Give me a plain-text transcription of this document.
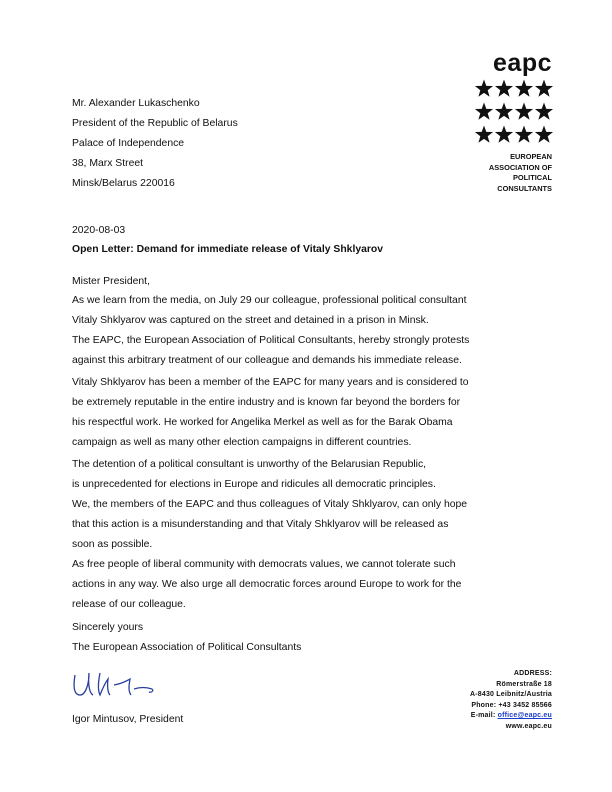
eapc
EUROPEAN
ASSOCIATION OF
POLITICAL
CONSULTANTS
Mr. Alexander Lukaschenko
President of the Republic of Belarus
Palace of Independence
38, Marx Street
Minsk/Belarus 220016
2020-08-03
Open Letter: Demand for immediate release of Vitaly Shklyarov
Mister President,
As we learn from the media, on July 29 our colleague, professional political consultant
Vitaly Shklyarov was captured on the street and detained in a prison in Minsk.
The EAPC, the European Association of Political Consultants, hereby strongly protests
against this arbitrary treatment of our colleague and demands his immediate release.
Vitaly Shklyarov has been a member of the EAPC for many years and is considered to
be extremely reputable in the entire industry and is known far beyond the borders for
his respectful work. He worked for Angelika Merkel as well as for the Barak Obama
campaign as well as many other election campaigns in different countries.
The detention of a political consultant is unworthy of the Belarusian Republic,
is unprecedented for elections in Europe and ridicules all democratic principles.
We, the members of the EAPC and thus colleagues of Vitaly Shklyarov, can only hope
that this action is a misunderstanding and that Vitaly Shklyarov will be released as
soon as possible.
As free people of liberal community with democrats values, we cannot tolerate such
actions in any way. We also urge all democratic forces around Europe to work for the
release of our colleague.
Sincerely yours
The European Association of Political Consultants
Igor Mintusov, President
ADDRESS:
Römerstraße 18
A-8430 Leibnitz/Austria
Phone: +43 3452 85566
E-mail: office@eapc.eu
www.eapc.eu
